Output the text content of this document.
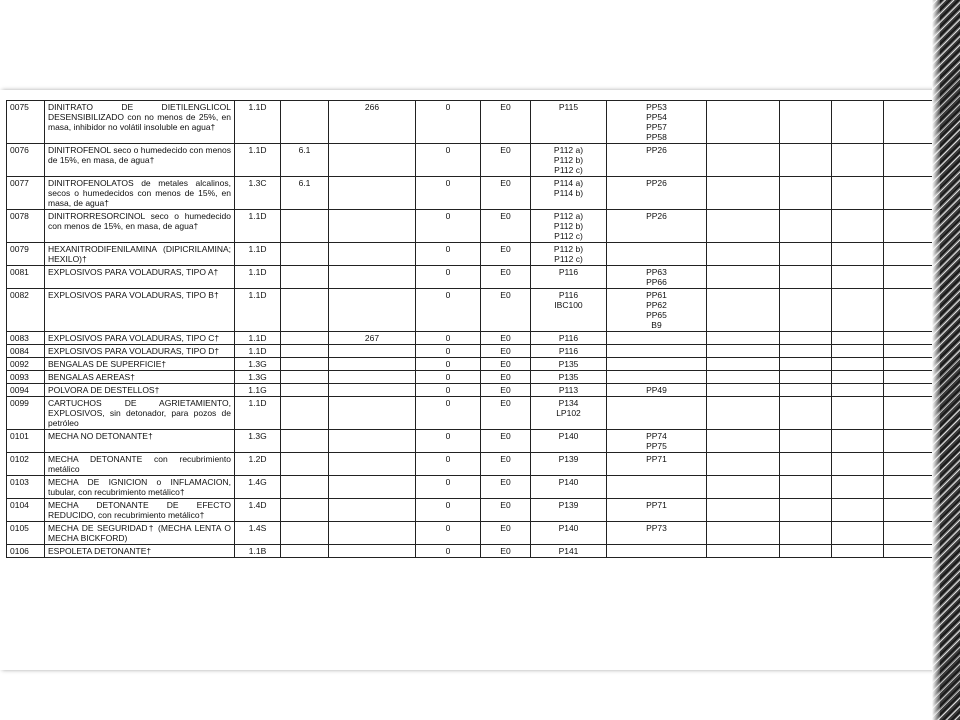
0075	DINITRATO DE DIETILENGLICOL DESENSIBILIZADO con no menos de 25%, en masa, inhibidor no volátil insoluble en agua†	1.1D		266	0	E0	P115	PP53
PP54
PP57
PP58				

0076	DINITROFENOL seco o humedecido con menos de 15%, en masa, de agua†	1.1D	6.1		0	E0	P112 a)
P112 b)
P112 c)	PP26				

0077	DINITROFENOLATOS de metales alcalinos, secos o humedecidos con menos de 15%, en masa, de agua†	1.3C	6.1		0	E0	P114 a)
P114 b)	PP26				

0078	DINITRORRESORCINOL seco o humedecido con menos de 15%, en masa, de agua†	1.1D			0	E0	P112 a)
P112 b)
P112 c)	PP26				

0079	HEXANITRODIFENILAMINA (DIPICRILAMINA; HEXILO)†	1.1D			0	E0	P112 b)
P112 c)					

0081	EXPLOSIVOS PARA VOLADURAS, TIPO A†	1.1D			0	E0	P116	PP63
PP66				

0082	EXPLOSIVOS PARA VOLADURAS, TIPO B†	1.1D			0	E0	P116
IBC100	PP61
PP62
PP65
B9				

0083	EXPLOSIVOS PARA VOLADURAS, TIPO C†	1.1D		267	0	E0	P116					

0084	EXPLOSIVOS PARA VOLADURAS, TIPO D†	1.1D			0	E0	P116					

0092	BENGALAS DE SUPERFICIE†	1.3G			0	E0	P135					

0093	BENGALAS AEREAS†	1.3G			0	E0	P135					

0094	POLVORA DE DESTELLOS†	1.1G			0	E0	P113	PP49				

0099	CARTUCHOS DE AGRIETAMIENTO, EXPLOSIVOS, sin detonador, para pozos de petróleo	1.1D			0	E0	P134
LP102					

0101	MECHA NO DETONANTE†	1.3G			0	E0	P140	PP74
PP75				

0102	MECHA DETONANTE con recubrimiento metálico	1.2D			0	E0	P139	PP71				

0103	MECHA DE IGNICION o INFLAMACION, tubular, con recubrimiento metálico†	1.4G			0	E0	P140					

0104	MECHA DETONANTE DE EFECTO REDUCIDO, con recubrimiento metálico†	1.4D			0	E0	P139	PP71				

0105	MECHA DE SEGURIDAD† (MECHA LENTA O MECHA BICKFORD)	1.4S			0	E0	P140	PP73				

0106	ESPOLETA DETONANTE†	1.1B			0	E0	P141					
